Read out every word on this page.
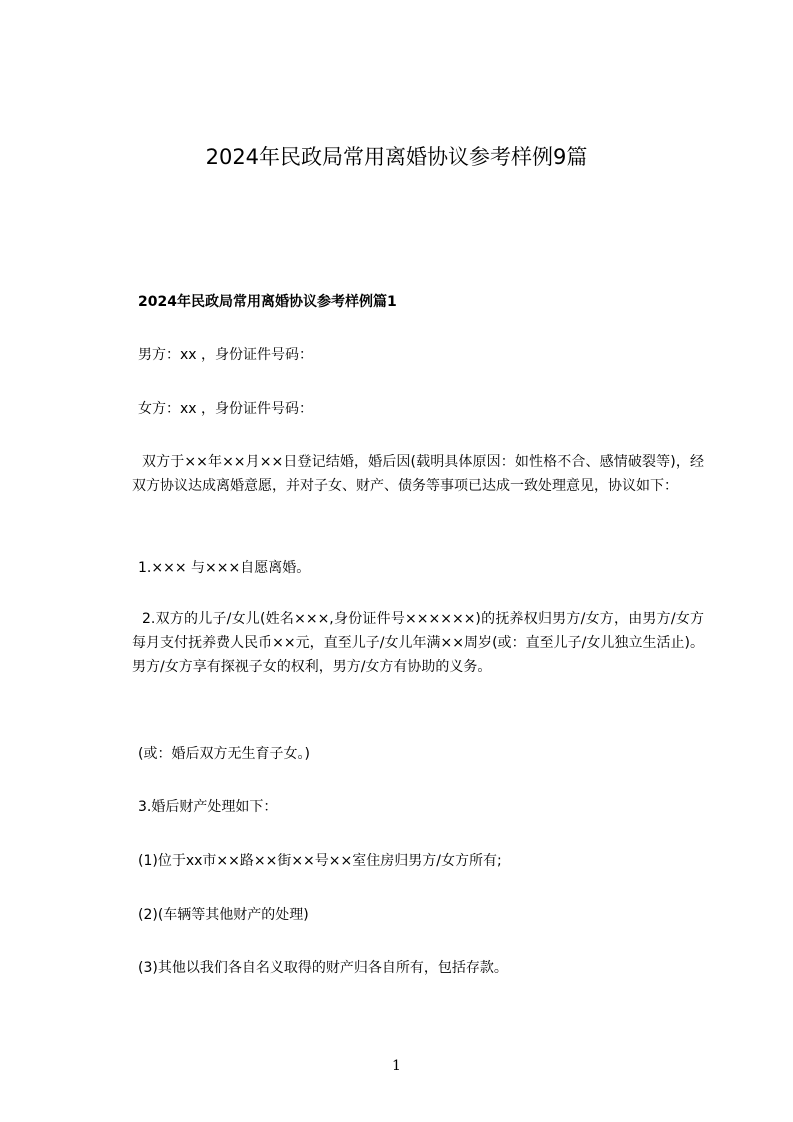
2024年民政局常用离婚协议参考样例9篇
2024年民政局常用离婚协议参考样例篇1

男方：xx ，身份证件号码：

女方：xx ，身份证件号码：

双方于××年××月××日登记结婚，婚后因(载明具体原因：如性格不合、感情破裂等)，经双方协议达成离婚意愿，并对子女、财产、债务等事项已达成一致处理意见，协议如下：

1.××× 与×××自愿离婚。

2.双方的儿子/女儿(姓名×××,身份证件号××××××)的抚养权归男方/女方，由男方/女方每月支付抚养费人民币××元，直至儿子/女儿年满××周岁(或：直至儿子/女儿独立生活止)。男方/女方享有探视子女的权利，男方/女方有协助的义务。

(或：婚后双方无生育子女。)

3.婚后财产处理如下：

(1)位于xx市××路××街××号××室住房归男方/女方所有;

(2)(车辆等其他财产的处理)

(3)其他以我们各自名义取得的财产归各自所有，包括存款。

1
